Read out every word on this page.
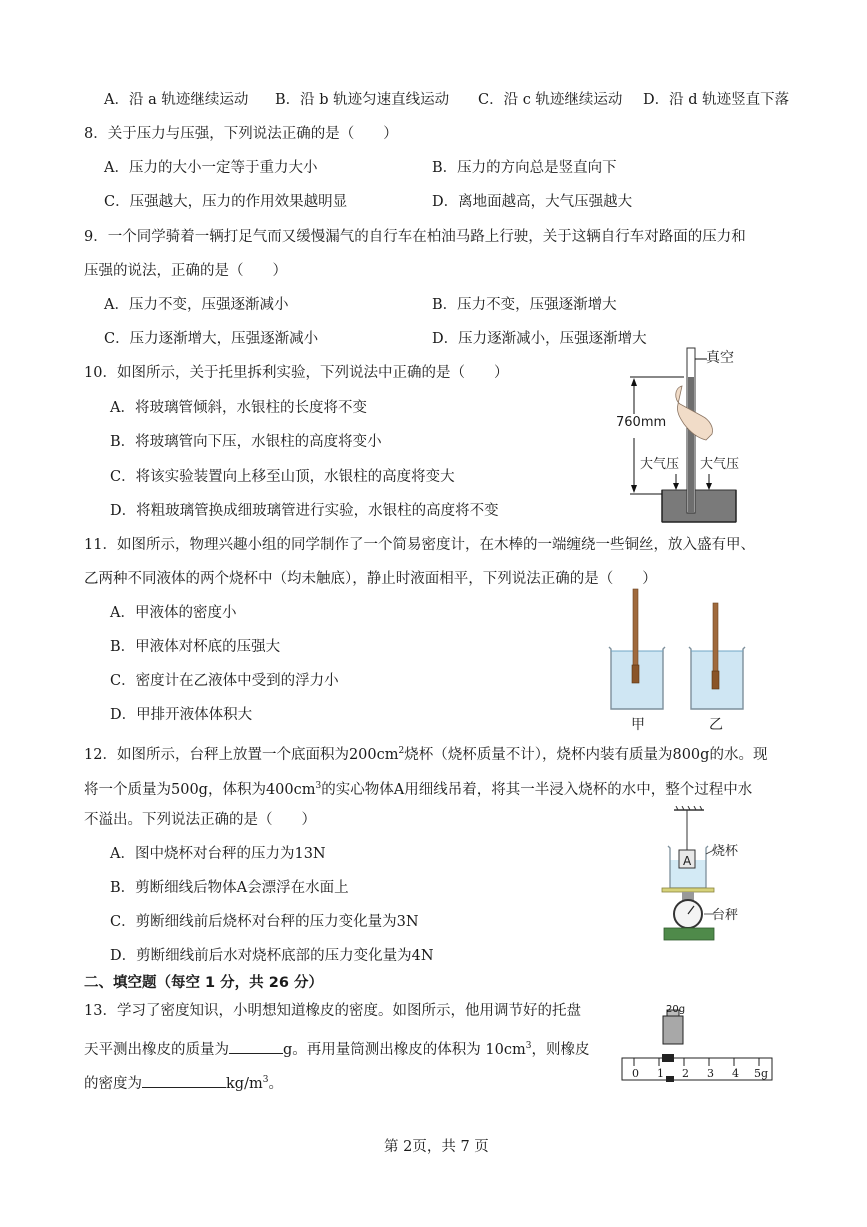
A．沿 a 轨迹继续运动 B．沿 b 轨迹匀速直线运动 C．沿 c 轨迹继续运动 D．沿 d 轨迹竖直下落
8．关于压力与压强，下列说法正确的是（　　）
A．压力的大小一定等于重力大小	B．压力的方向总是竖直向下
C．压强越大，压力的作用效果越明显	D．离地面越高，大气压强越大
9．一个同学骑着一辆打足气而又缓慢漏气的自行车在柏油马路上行驶，关于这辆自行车对路面的压力和
压强的说法，正确的是（　　）
A．压力不变，压强逐渐减小	B．压力不变，压强逐渐增大
C．压力逐渐增大，压强逐渐减小	D．压力逐渐减小，压强逐渐增大
10．如图所示，关于托里拆利实验，下列说法中正确的是（　　）
A．将玻璃管倾斜，水银柱的长度将不变
B．将玻璃管向下压，水银柱的高度将变小
C．将该实验装置向上移至山顶，水银柱的高度将变大
D．将粗玻璃管换成细玻璃管进行实验，水银柱的高度将不变
真空
760mm
大气压 大气压
11．如图所示，物理兴趣小组的同学制作了一个简易密度计，在木棒的一端缠绕一些铜丝，放入盛有甲、
乙两种不同液体的两个烧杯中（均未触底），静止时液面相平，下列说法正确的是（　　）
A．甲液体的密度小
B．甲液体对杯底的压强大
C．密度计在乙液体中受到的浮力小
D．甲排开液体体积大
甲	乙
12．如图所示，台秤上放置一个底面积为$200cm^2$烧杯（烧杯质量不计），烧杯内装有质量为800g的水。现
将一个质量为500g，体积为$400cm^3$的实心物体A用细线吊着，将其一半浸入烧杯的水中，整个过程中水
不溢出。下列说法正确的是（　　）
A．图中烧杯对台秤的压力为13N
B．剪断细线后物体A会漂浮在水面上
C．剪断细线前后烧杯对台秤的压力变化量为3N
D．剪断细线前后水对烧杯底部的压力变化量为4N
A
烧杯
台秤
二、填空题（每空 1 分，共 26 分）
13．学习了密度知识，小明想知道橡皮的密度。如图所示，他用调节好的托盘
天平测出橡皮的质量为	g。再用量筒测出橡皮的体积为 $10cm^3$，则橡皮
的密度为	$kg/m^3$。
20g
0 1 2 3 4 5g
第 2页，共 7 页
